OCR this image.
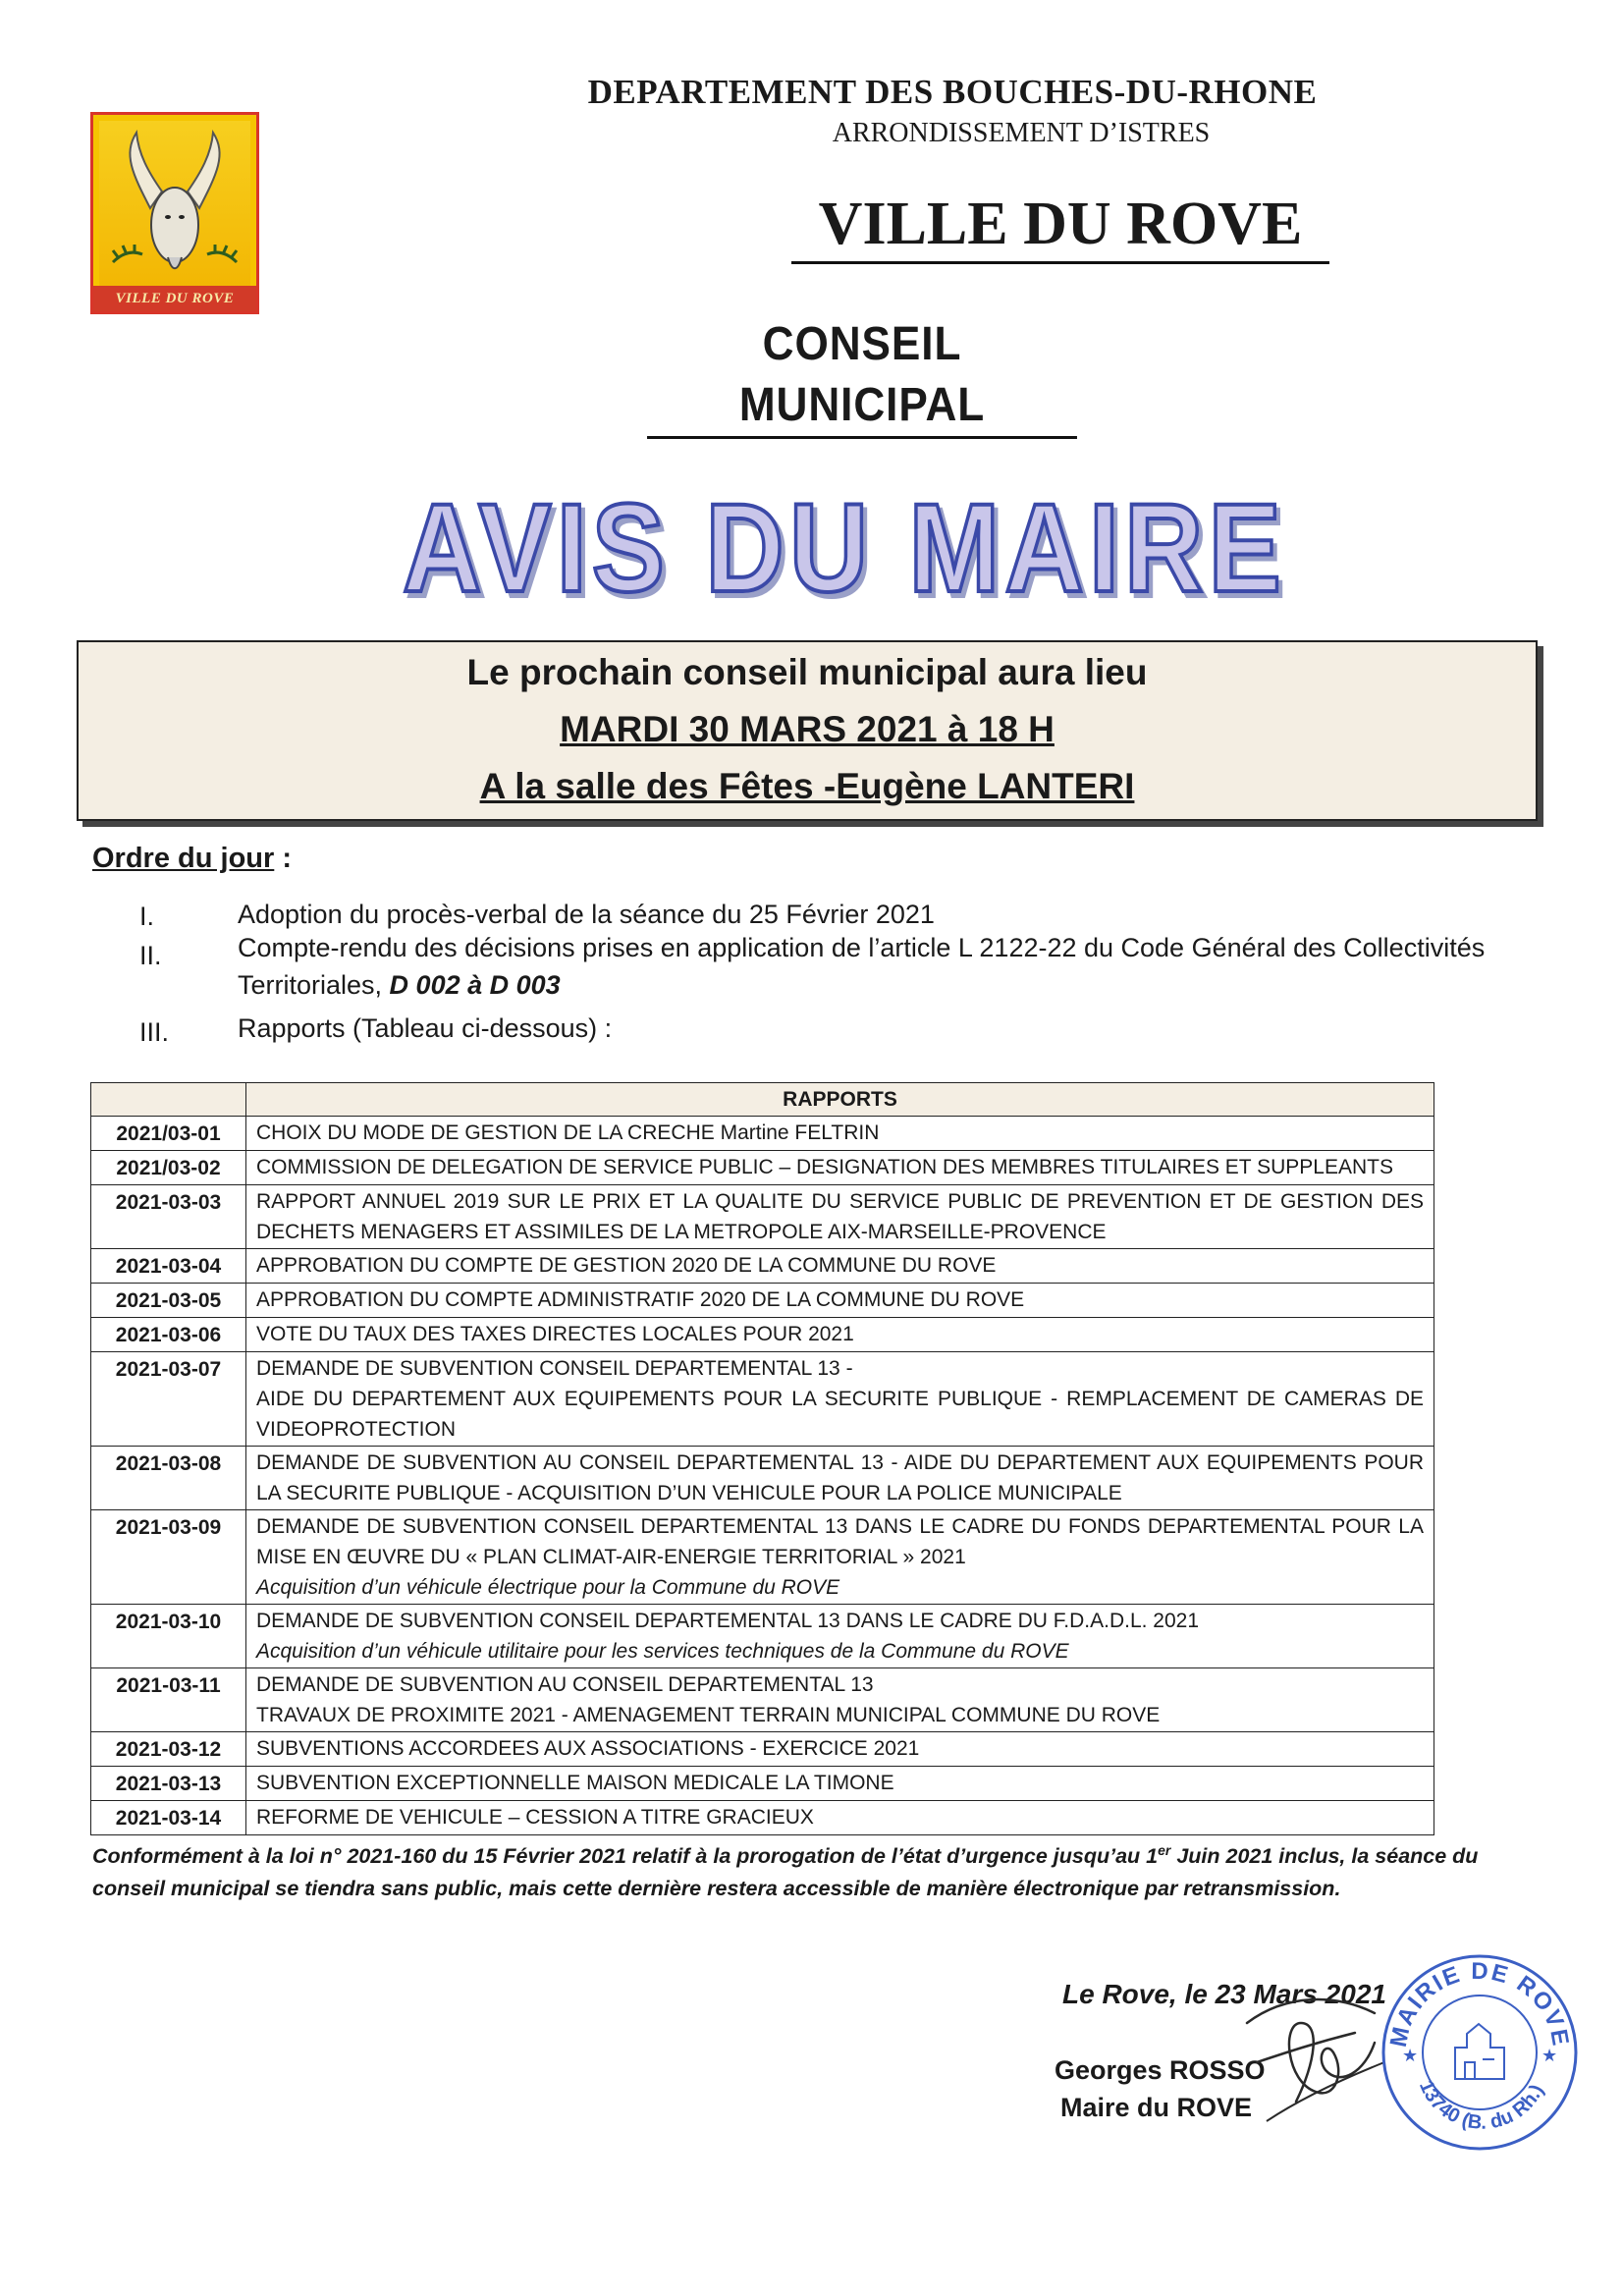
VILLE DU ROVE
DEPARTEMENT DES BOUCHES-DU-RHONE
ARRONDISSEMENT D’ISTRES
VILLE DU ROVE
CONSEIL MUNICIPAL
AVIS DU MAIRE
Le prochain conseil municipal aura lieu
MARDI 30 MARS 2021 à 18 H
A la salle des Fêtes -Eugène LANTERI
Ordre du jour :
I.	Adoption du procès-verbal de la séance du 25 Février 2021
II.	Compte-rendu des décisions prises en application de l’article L 2122-22 du Code Général des Collectivités Territoriales, D 002 à D 003
III.	Rapports (Tableau ci-dessous) :
	RAPPORTS
2021/03-01	CHOIX DU MODE DE GESTION DE LA CRECHE Martine FELTRIN

2021/03-02	COMMISSION DE DELEGATION DE SERVICE PUBLIC – DESIGNATION DES MEMBRES TITULAIRES ET SUPPLEANTS

2021-03-03	RAPPORT ANNUEL 2019 SUR LE PRIX ET LA QUALITE DU SERVICE PUBLIC DE PREVENTION ET DE GESTION DES DECHETS MENAGERS ET ASSIMILES DE LA METROPOLE AIX-MARSEILLE-PROVENCE

2021-03-04	APPROBATION DU COMPTE DE GESTION 2020 DE LA COMMUNE DU ROVE

2021-03-05	APPROBATION DU COMPTE ADMINISTRATIF 2020 DE LA COMMUNE DU ROVE

2021-03-06	VOTE DU TAUX DES TAXES DIRECTES LOCALES POUR 2021

2021-03-07	DEMANDE DE SUBVENTION CONSEIL DEPARTEMENTAL 13 -
AIDE DU DEPARTEMENT AUX EQUIPEMENTS POUR LA SECURITE PUBLIQUE - REMPLACEMENT DE CAMERAS DE VIDEOPROTECTION

2021-03-08	DEMANDE DE SUBVENTION AU CONSEIL DEPARTEMENTAL 13 - AIDE DU DEPARTEMENT AUX EQUIPEMENTS POUR LA SECURITE PUBLIQUE - ACQUISITION D’UN VEHICULE POUR LA POLICE MUNICIPALE

2021-03-09	DEMANDE DE SUBVENTION CONSEIL DEPARTEMENTAL 13 DANS LE CADRE DU FONDS DEPARTEMENTAL POUR LA MISE EN ŒUVRE DU « PLAN CLIMAT-AIR-ENERGIE TERRITORIAL » 2021
Acquisition d’un véhicule électrique pour la Commune du ROVE

2021-03-10	DEMANDE DE SUBVENTION CONSEIL DEPARTEMENTAL 13 DANS LE CADRE DU F.D.A.D.L. 2021
Acquisition d’un véhicule utilitaire pour les services techniques de la Commune du ROVE

2021-03-11	DEMANDE DE SUBVENTION AU CONSEIL DEPARTEMENTAL 13
TRAVAUX DE PROXIMITE 2021 - AMENAGEMENT TERRAIN MUNICIPAL COMMUNE DU ROVE

2021-03-12	SUBVENTIONS ACCORDEES AUX ASSOCIATIONS - EXERCICE 2021

2021-03-13	SUBVENTION EXCEPTIONNELLE MAISON MEDICALE LA TIMONE

2021-03-14	REFORME DE VEHICULE – CESSION A TITRE GRACIEUX
Conformément à la loi n° 2021-160 du 15 Février 2021 relatif à la prorogation de l’état d’urgence jusqu’au 1er Juin 2021 inclus, la séance du conseil municipal se tiendra sans public, mais cette dernière restera accessible de manière électronique par retransmission.
Le Rove, le 23 Mars 2021
Georges ROSSO
Maire du ROVE
MAIRIE DE ROVE
13740 (B. du Rh.)
★	★
